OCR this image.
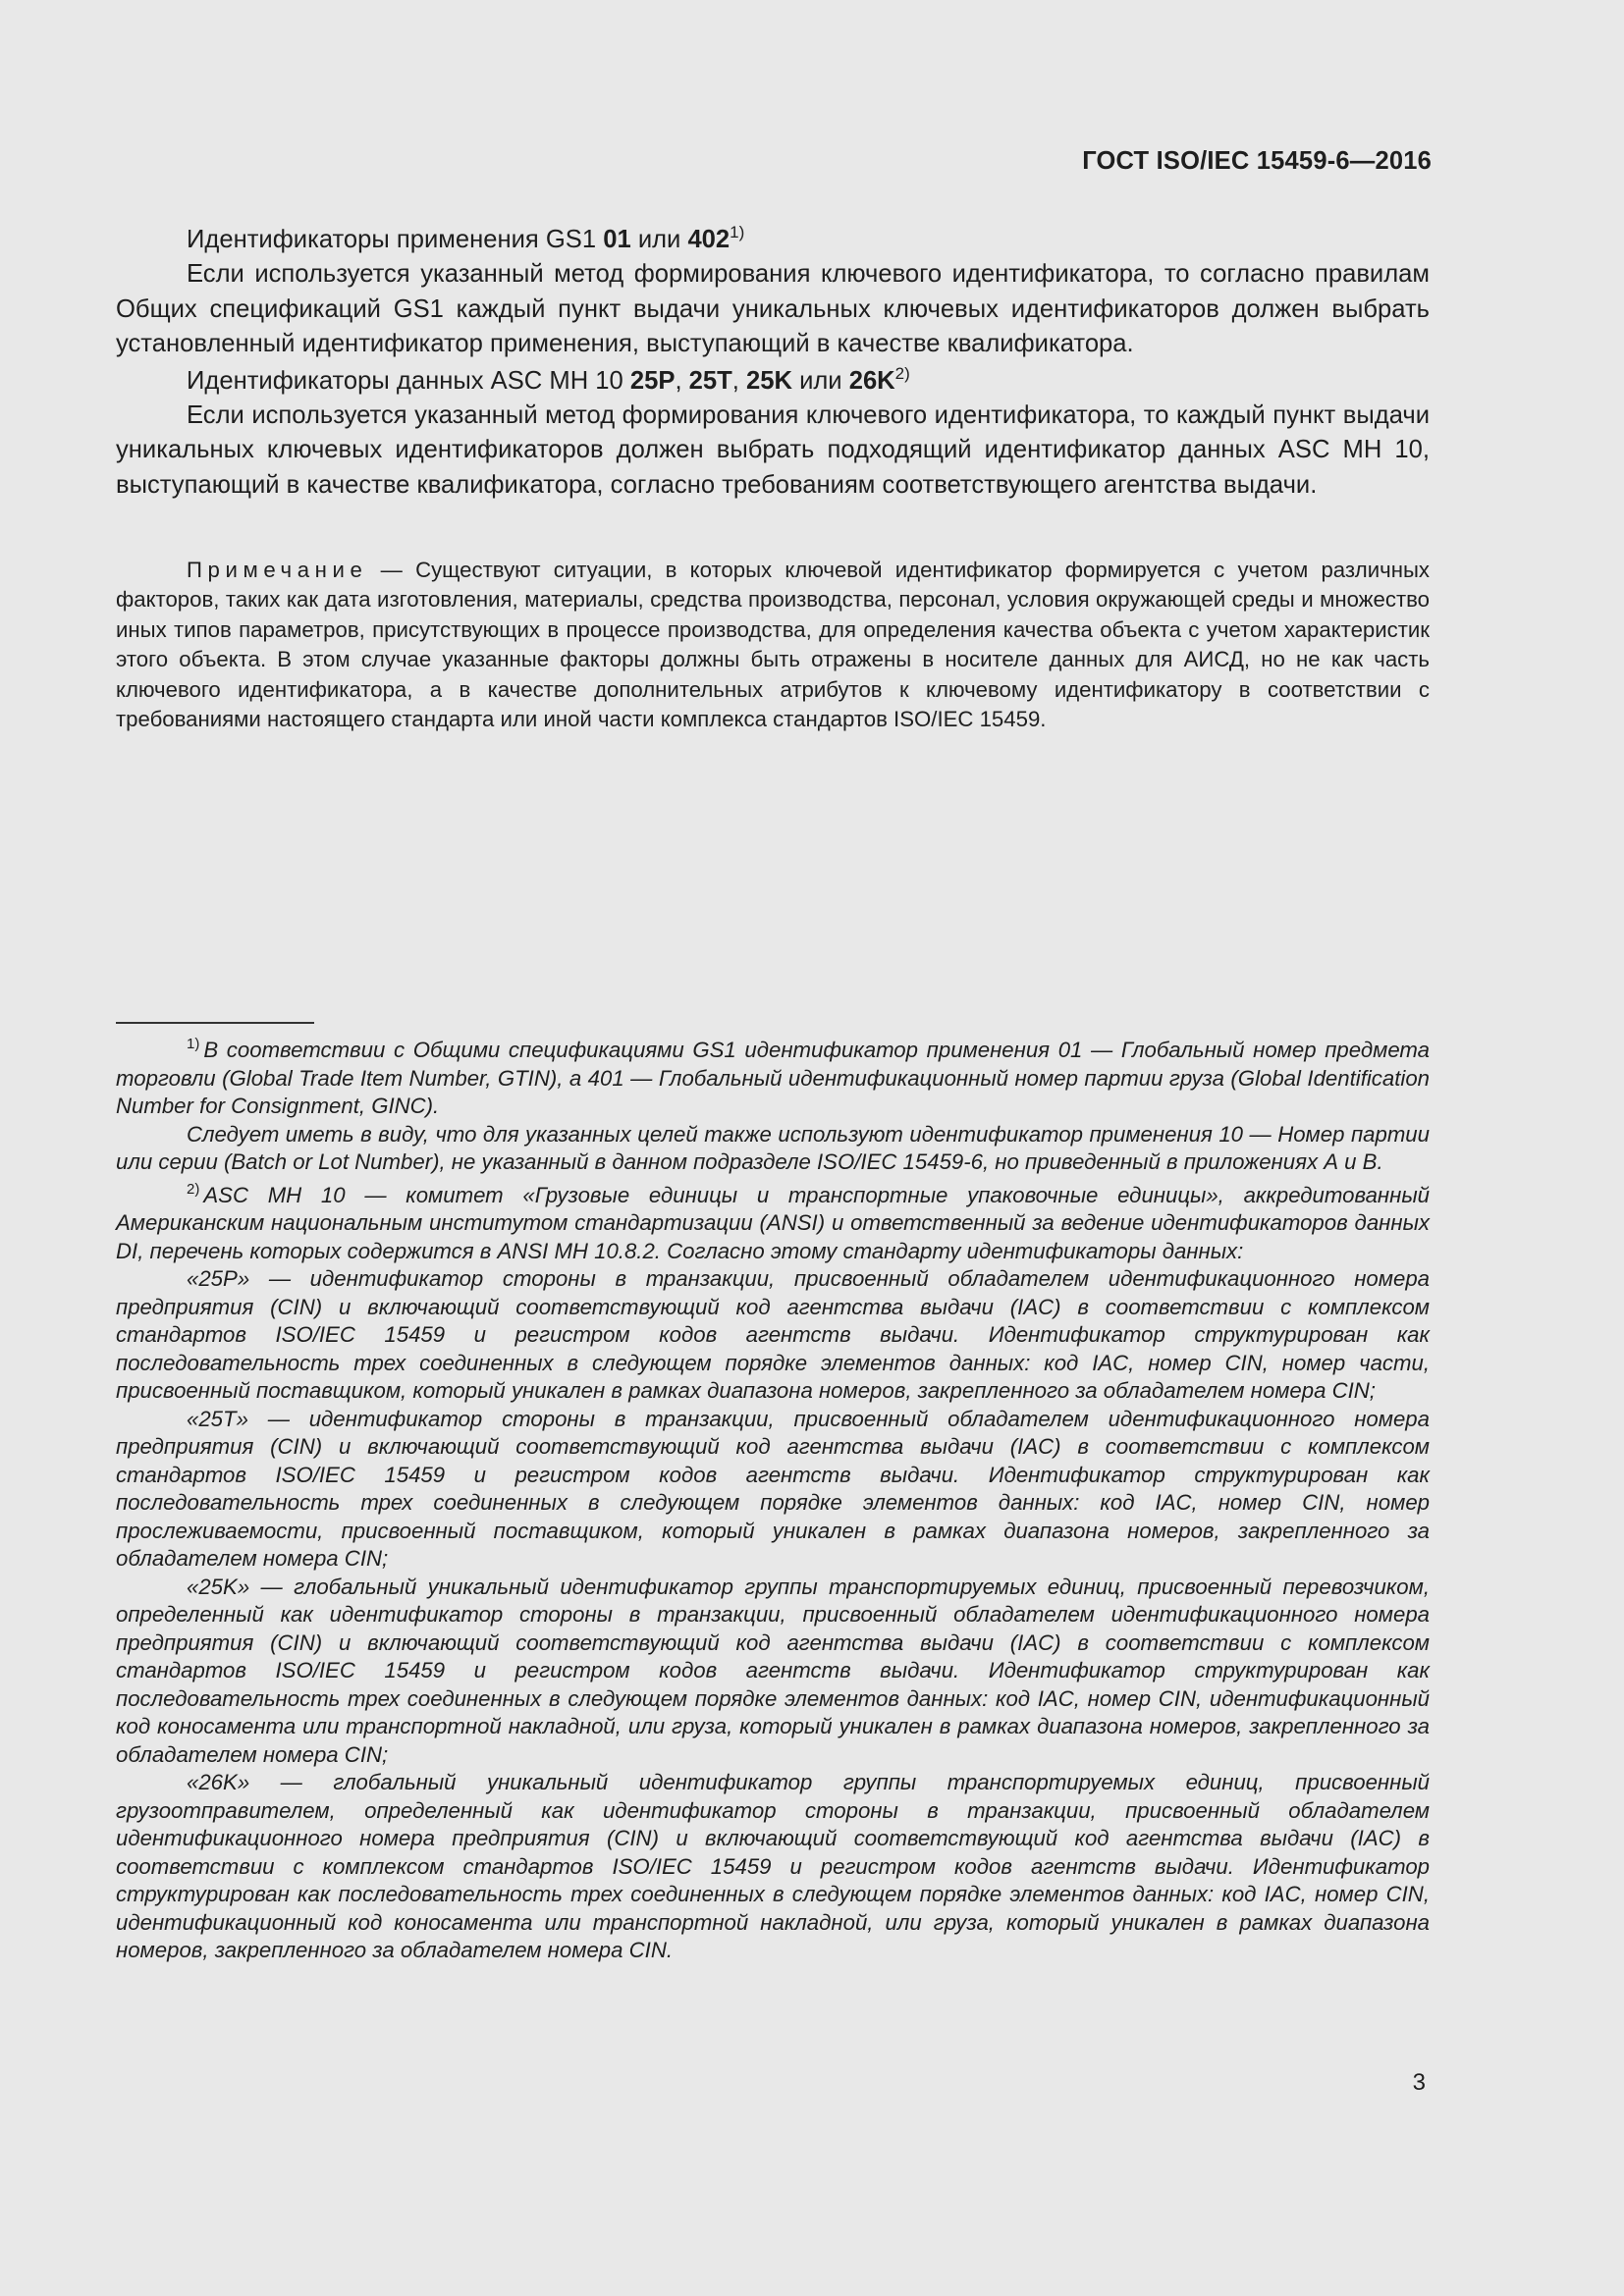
ГОСТ ISO/IEC 15459-6—2016

Идентификаторы применения GS1 01 или 402$^{1)}$

Если используется указанный метод формирования ключевого идентификатора, то согласно правилам Общих спецификаций GS1 каждый пункт выдачи уникальных ключевых идентификаторов должен выбрать установленный идентификатор применения, выступающий в качестве квалификатора.

Идентификаторы данных ASC MH 10 25P, 25T, 25K или $26K^{2)}$

Если используется указанный метод формирования ключевого идентификатора, то каждый пункт выдачи уникальных ключевых идентификаторов должен выбрать подходящий идентификатор данных ASC MH 10, выступающий в качестве квалификатора, согласно требованиям соответствующего агентства выдачи.

Примечание — Существуют ситуации, в которых ключевой идентификатор формируется с учетом различных факторов, таких как дата изготовления, материалы, средства производства, персонал, условия окружающей среды и множество иных типов параметров, присутствующих в процессе производства, для определения качества объекта с учетом характеристик этого объекта. В этом случае указанные факторы должны быть отражены в носителе данных для АИСД, но не как часть ключевого идентификатора, а в качестве дополнительных атрибутов к ключевому идентификатору в соответствии с требованиями настоящего стандарта или иной части комплекса стандартов ISO/IEC 15459.

$^{1)}$ В соответствии с Общими спецификациями GS1 идентификатор применения 01 — Глобальный номер предмета торговли (Global Trade Item Number, GTIN), а 401 — Глобальный идентификационный номер партии груза (Global Identification Number for Consignment, GINC).

Следует иметь в виду, что для указанных целей также используют идентификатор применения 10 — Номер партии или серии (Batch or Lot Number), не указанный в данном подразделе ISO/IEC 15459-6, но приведенный в приложениях А и В.

$^{2)}$ ASC MH 10 — комитет «Грузовые единицы и транспортные упаковочные единицы», аккредитованный Американским национальным институтом стандартизации (ANSI) и ответственный за ведение идентификаторов данных DI, перечень которых содержится в ANSI MH 10.8.2. Согласно этому стандарту идентификаторы данных:

«25P» — идентификатор стороны в транзакции, присвоенный обладателем идентификационного номера предприятия (CIN) и включающий соответствующий код агентства выдачи (IAC) в соответствии с комплексом стандартов ISO/IEC 15459 и регистром кодов агентств выдачи. Идентификатор структурирован как последовательность трех соединенных в следующем порядке элементов данных: код IAC, номер CIN, номер части, присвоенный поставщиком, который уникален в рамках диапазона номеров, закрепленного за обладателем номера CIN;

«25T» — идентификатор стороны в транзакции, присвоенный обладателем идентификационного номера предприятия (CIN) и включающий соответствующий код агентства выдачи (IAC) в соответствии с комплексом стандартов ISO/IEC 15459 и регистром кодов агентств выдачи. Идентификатор структурирован как последовательность трех соединенных в следующем порядке элементов данных: код IAC, номер CIN, номер прослеживаемости, присвоенный поставщиком, который уникален в рамках диапазона номеров, закрепленного за обладателем номера CIN;

«25K» — глобальный уникальный идентификатор группы транспортируемых единиц, присвоенный перевозчиком, определенный как идентификатор стороны в транзакции, присвоенный обладателем идентификационного номера предприятия (CIN) и включающий соответствующий код агентства выдачи (IAC) в соответствии с комплексом стандартов ISO/IEC 15459 и регистром кодов агентств выдачи. Идентификатор структурирован как последовательность трех соединенных в следующем порядке элементов данных: код IAC, номер CIN, идентификационный код коносамента или транспортной накладной, или груза, который уникален в рамках диапазона номеров, закрепленного за обладателем номера CIN;

«26K» — глобальный уникальный идентификатор группы транспортируемых единиц, присвоенный грузоотправителем, определенный как идентификатор стороны в транзакции, присвоенный обладателем идентификационного номера предприятия (CIN) и включающий соответствующий код агентства выдачи (IAC) в соответствии с комплексом стандартов ISO/IEC 15459 и регистром кодов агентств выдачи. Идентификатор структурирован как последовательность трех соединенных в следующем порядке элементов данных: код IAC, номер CIN, идентификационный код коносамента или транспортной накладной, или груза, который уникален в рамках диапазона номеров, закрепленного за обладателем номера CIN.

3
